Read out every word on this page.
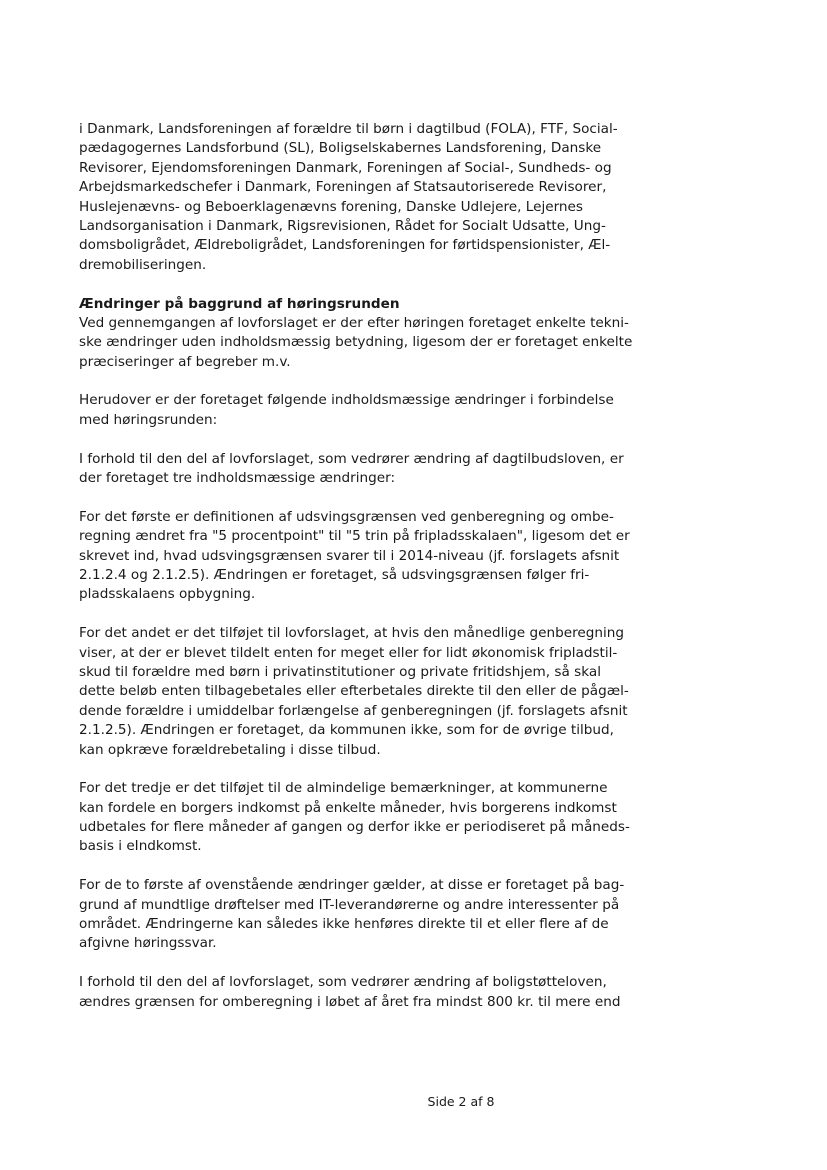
i Danmark, Landsforeningen af forældre til børn i dagtilbud (FOLA), FTF, Social-
pædagogernes Landsforbund (SL), Boligselskabernes Landsforening, Danske
Revisorer, Ejendomsforeningen Danmark, Foreningen af Social-, Sundheds- og
Arbejdsmarkedschefer i Danmark, Foreningen af Statsautoriserede Revisorer,
Huslejenævns- og Beboerklagenævns forening, Danske Udlejere, Lejernes
Landsorganisation i Danmark, Rigsrevisionen, Rådet for Socialt Udsatte, Ung-
domsboligrådet, Ældreboligrådet, Landsforeningen for førtidspensionister, Æl-
dremobiliseringen.
Ændringer på baggrund af høringsrunden
Ved gennemgangen af lovforslaget er der efter høringen foretaget enkelte tekni-
ske ændringer uden indholdsmæssig betydning, ligesom der er foretaget enkelte
præciseringer af begreber m.v.
Herudover er der foretaget følgende indholdsmæssige ændringer i forbindelse
med høringsrunden:
I forhold til den del af lovforslaget, som vedrører ændring af dagtilbudsloven, er
der foretaget tre indholdsmæssige ændringer:
For det første er definitionen af udsvingsgrænsen ved genberegning og ombe-
regning ændret fra "5 procentpoint" til "5 trin på fripladsskalaen", ligesom det er
skrevet ind, hvad udsvingsgrænsen svarer til i 2014-niveau (jf. forslagets afsnit
2.1.2.4 og 2.1.2.5). Ændringen er foretaget, så udsvingsgrænsen følger fri-
pladsskalaens opbygning.
For det andet er det tilføjet til lovforslaget, at hvis den månedlige genberegning
viser, at der er blevet tildelt enten for meget eller for lidt økonomisk fripladstil-
skud til forældre med børn i privatinstitutioner og private fritidshjem, så skal
dette beløb enten tilbagebetales eller efterbetales direkte til den eller de pågæl-
dende forældre i umiddelbar forlængelse af genberegningen (jf. forslagets afsnit
2.1.2.5). Ændringen er foretaget, da kommunen ikke, som for de øvrige tilbud,
kan opkræve forældrebetaling i disse tilbud.
For det tredje er det tilføjet til de almindelige bemærkninger, at kommunerne
kan fordele en borgers indkomst på enkelte måneder, hvis borgerens indkomst
udbetales for flere måneder af gangen og derfor ikke er periodiseret på måneds-
basis i eIndkomst.
For de to første af ovenstående ændringer gælder, at disse er foretaget på bag-
grund af mundtlige drøftelser med IT-leverandørerne og andre interessenter på
området. Ændringerne kan således ikke henføres direkte til et eller flere af de
afgivne høringssvar.
I forhold til den del af lovforslaget, som vedrører ændring af boligstøtteloven,
ændres grænsen for omberegning i løbet af året fra mindst 800 kr. til mere end
Side 2 af 8
